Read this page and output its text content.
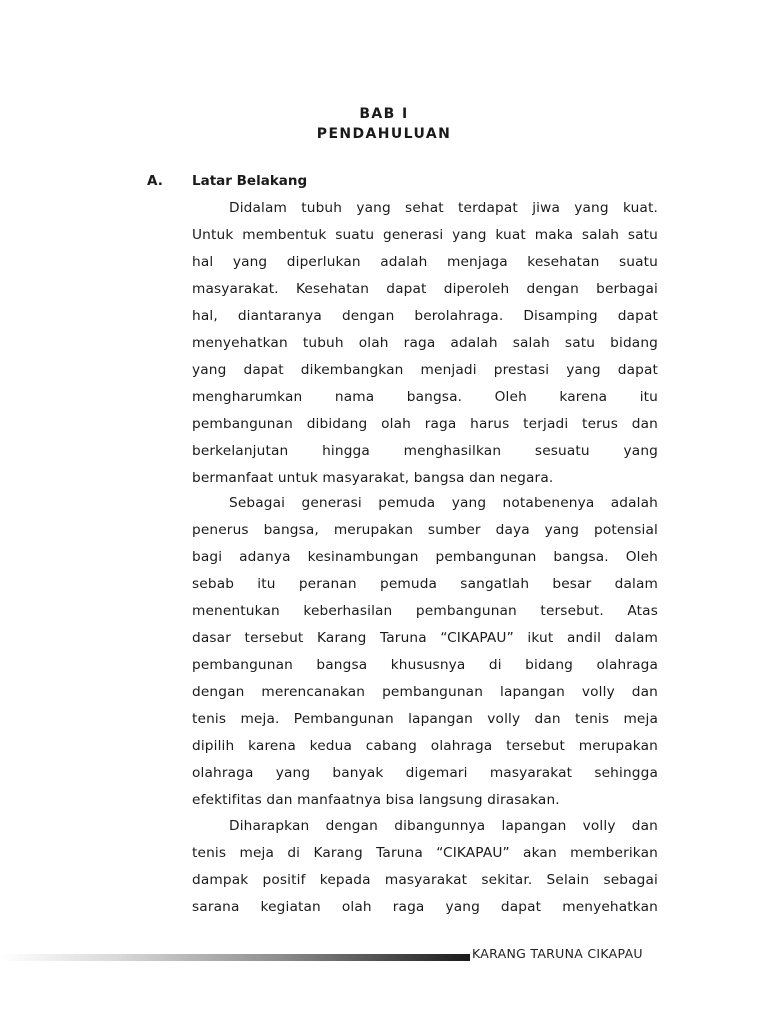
BAB I
PENDAHULUAN
A. Latar Belakang
Didalam tubuh yang sehat terdapat jiwa yang kuat.
Untuk membentuk suatu generasi yang kuat maka salah satu
hal yang diperlukan adalah menjaga kesehatan suatu
masyarakat. Kesehatan dapat diperoleh dengan berbagai
hal, diantaranya dengan berolahraga. Disamping dapat
menyehatkan tubuh olah raga adalah salah satu bidang
yang dapat dikembangkan menjadi prestasi yang dapat
mengharumkan nama bangsa. Oleh karena itu
pembangunan dibidang olah raga harus terjadi terus dan
berkelanjutan hingga menghasilkan sesuatu yang
bermanfaat untuk masyarakat, bangsa dan negara.
Sebagai generasi pemuda yang notabenenya adalah
penerus bangsa, merupakan sumber daya yang potensial
bagi adanya kesinambungan pembangunan bangsa. Oleh
sebab itu peranan pemuda sangatlah besar dalam
menentukan keberhasilan pembangunan tersebut. Atas
dasar tersebut Karang Taruna “CIKAPAU” ikut andil dalam
pembangunan bangsa khususnya di bidang olahraga
dengan merencanakan pembangunan lapangan volly dan
tenis meja. Pembangunan lapangan volly dan tenis meja
dipilih karena kedua cabang olahraga tersebut merupakan
olahraga yang banyak digemari masyarakat sehingga
efektifitas dan manfaatnya bisa langsung dirasakan.
Diharapkan dengan dibangunnya lapangan volly dan
tenis meja di Karang Taruna “CIKAPAU” akan memberikan
dampak positif kepada masyarakat sekitar. Selain sebagai
sarana kegiatan olah raga yang dapat menyehatkan
KARANG TARUNA CIKAPAU
